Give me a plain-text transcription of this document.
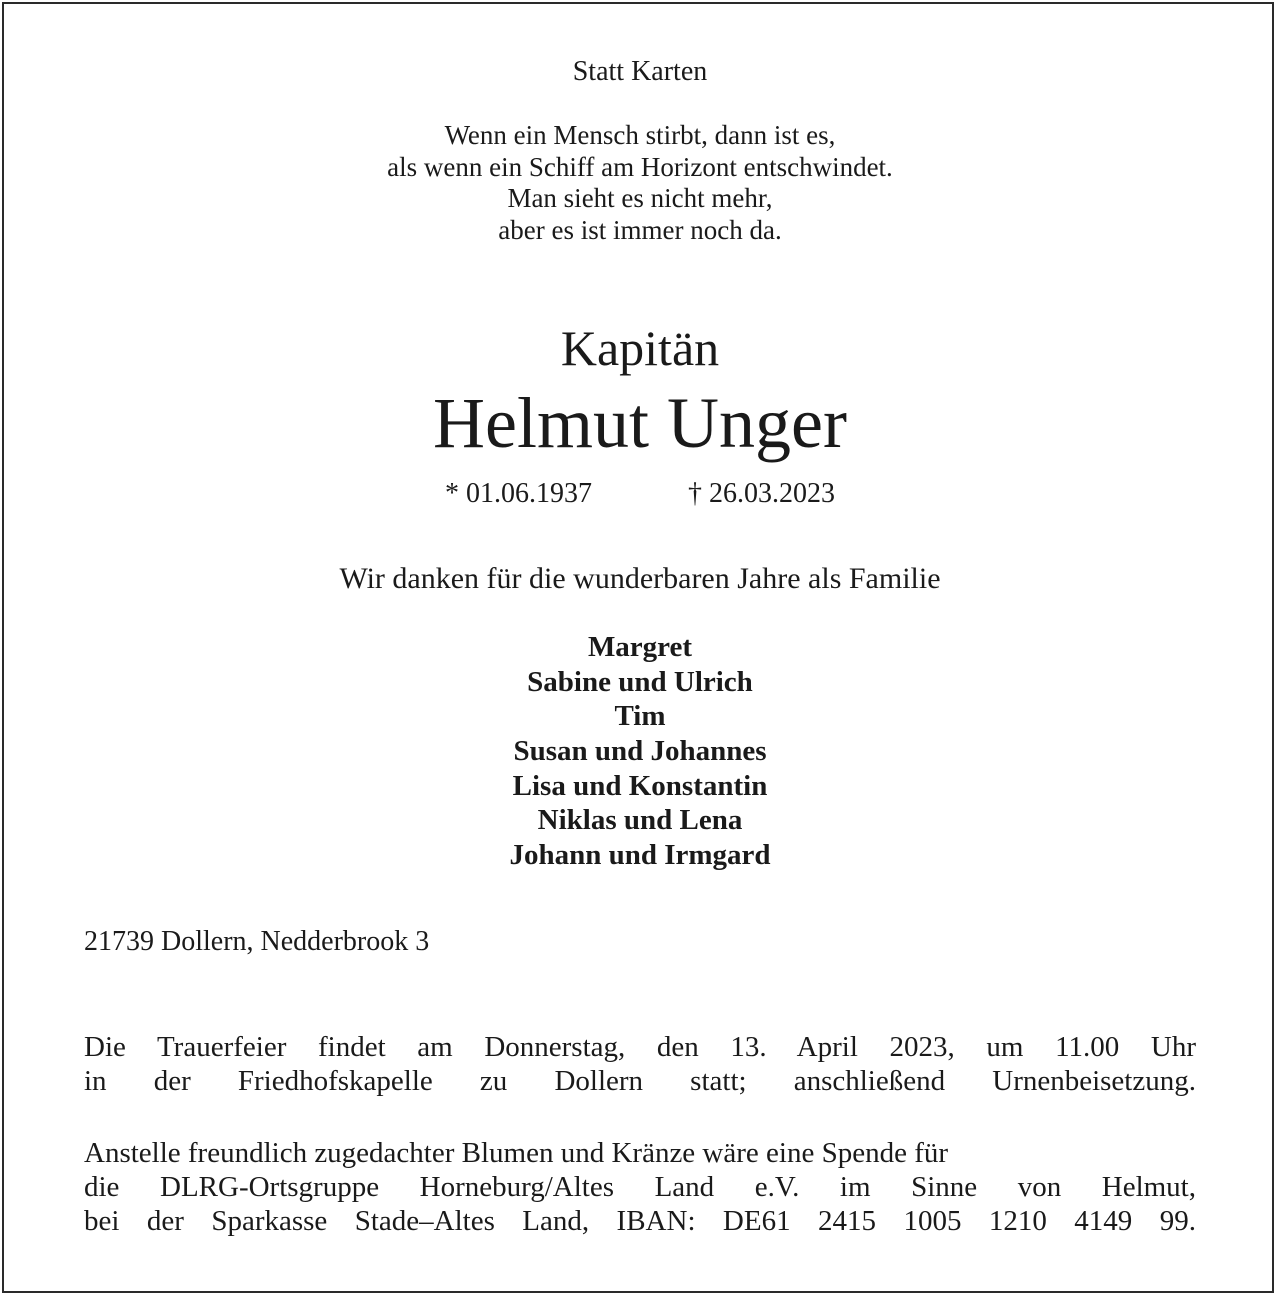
Statt Karten
Wenn ein Mensch stirbt, dann ist es,
als wenn ein Schiff am Horizont entschwindet.
Man sieht es nicht mehr,
aber es ist immer noch da.
Kapitän
Helmut Unger
* 01.06.1937	† 26.03.2023
Wir danken für die wunderbaren Jahre als Familie
Margret
Sabine und Ulrich
Tim
Susan und Johannes
Lisa und Konstantin
Niklas und Lena
Johann und Irmgard
21739 Dollern, Nedderbrook 3
Die Trauerfeier findet am Donnerstag, den 13. April 2023, um 11.00 Uhr
in der Friedhofskapelle zu Dollern statt; anschließend Urnenbeisetzung.
Anstelle freundlich zugedachter Blumen und Kränze wäre eine Spende für
die DLRG-Ortsgruppe Horneburg/Altes Land e.V. im Sinne von Helmut,
bei der Sparkasse Stade–Altes Land, IBAN: DE61 2415 1005 1210 4149 99.
